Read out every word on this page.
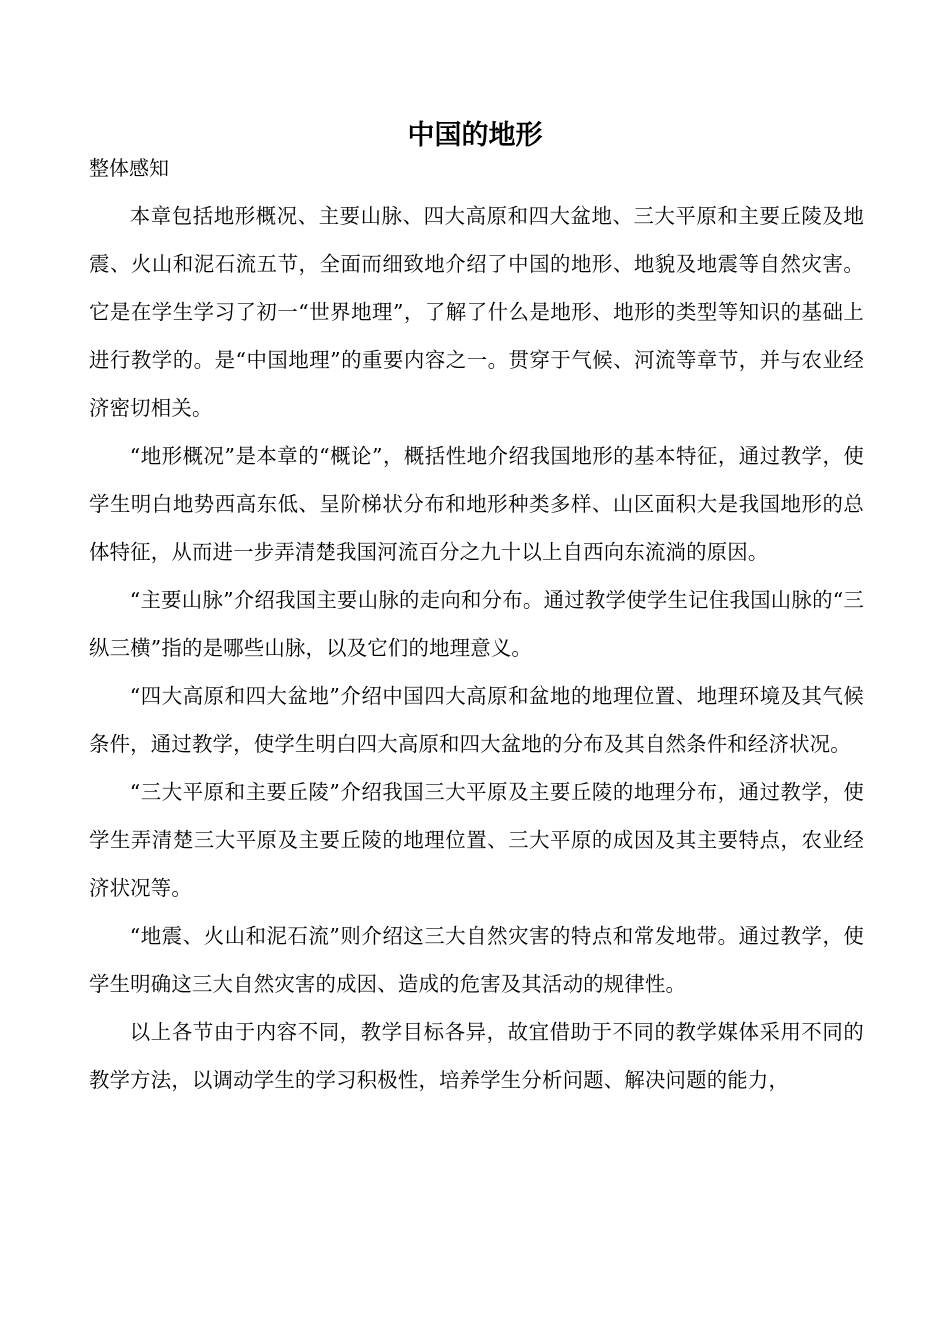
中国的地形

整体感知

本章包括地形概况、主要山脉、四大高原和四大盆地、三大平原和主要丘陵及地震、火山和泥石流五节，全面而细致地介绍了中国的地形、地貌及地震等自然灾害。它是在学生学习了初一“世界地理”，了解了什么是地形、地形的类型等知识的基础上进行教学的。是“中国地理”的重要内容之一。贯穿于气候、河流等章节，并与农业经济密切相关。

“地形概况”是本章的“概论”，概括性地介绍我国地形的基本特征，通过教学，使学生明白地势西高东低、呈阶梯状分布和地形种类多样、山区面积大是我国地形的总体特征，从而进一步弄清楚我国河流百分之九十以上自西向东流淌的原因。

“主要山脉”介绍我国主要山脉的走向和分布。通过教学使学生记住我国山脉的“三纵三横”指的是哪些山脉，以及它们的地理意义。

“四大高原和四大盆地”介绍中国四大高原和盆地的地理位置、地理环境及其气候条件，通过教学，使学生明白四大高原和四大盆地的分布及其自然条件和经济状况。

“三大平原和主要丘陵”介绍我国三大平原及主要丘陵的地理分布，通过教学，使学生弄清楚三大平原及主要丘陵的地理位置、三大平原的成因及其主要特点，农业经济状况等。

“地震、火山和泥石流”则介绍这三大自然灾害的特点和常发地带。通过教学，使学生明确这三大自然灾害的成因、造成的危害及其活动的规律性。

以上各节由于内容不同，教学目标各异，故宜借助于不同的教学媒体采用不同的教学方法，以调动学生的学习积极性，培养学生分析问题、解决问题的能力，
